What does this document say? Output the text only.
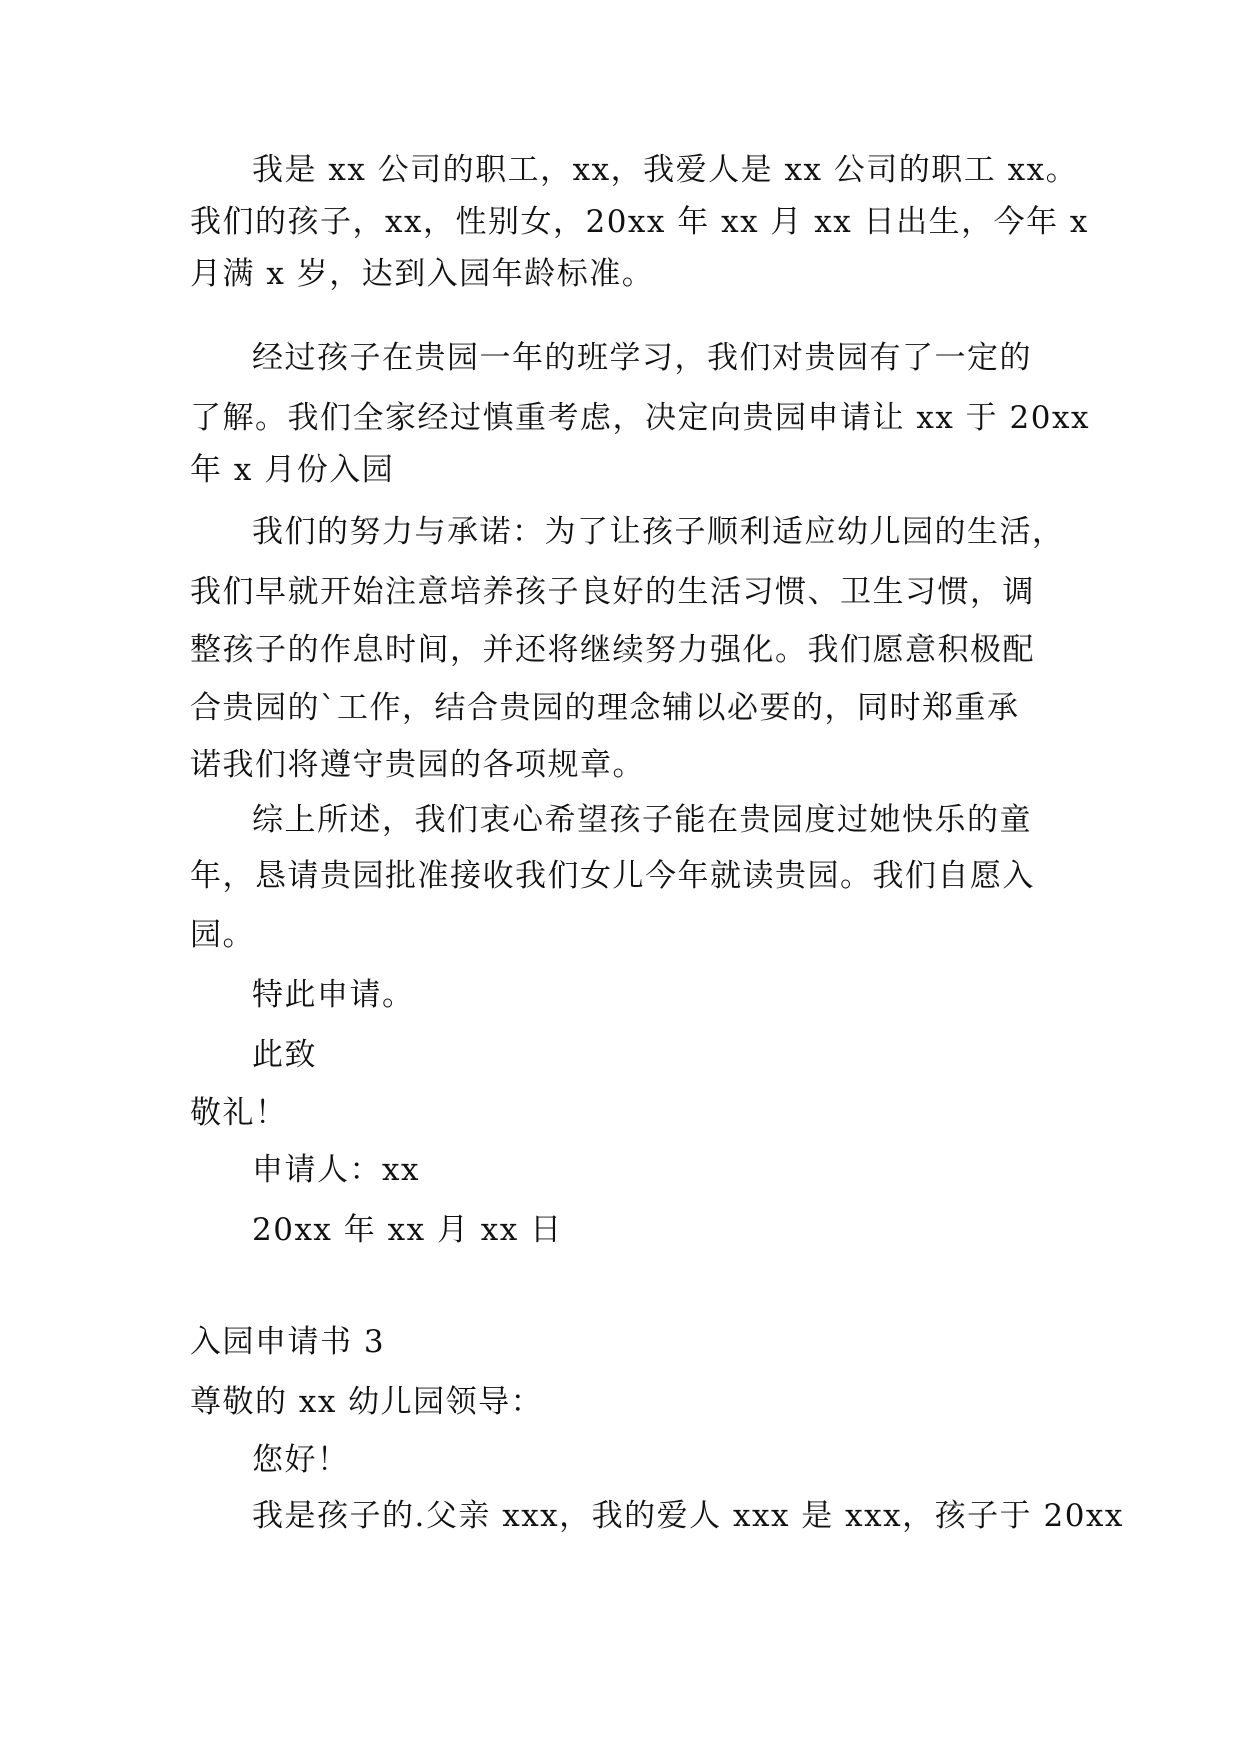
我是 xx 公司的职工，xx，我爱人是 xx 公司的职工 xx。
我们的孩子，xx，性别女，20xx 年 xx 月 xx 日出生，今年 x
月满 x 岁，达到入园年龄标准。
经过孩子在贵园一年的班学习，我们对贵园有了一定的
了解。我们全家经过慎重考虑，决定向贵园申请让 xx 于 20xx
年 x 月份入园
我们的努力与承诺：为了让孩子顺利适应幼儿园的生活，
我们早就开始注意培养孩子良好的生活习惯、卫生习惯，调
整孩子的作息时间，并还将继续努力强化。我们愿意积极配
合贵园的`工作，结合贵园的理念辅以必要的，同时郑重承
诺我们将遵守贵园的各项规章。
综上所述，我们衷心希望孩子能在贵园度过她快乐的童
年，恳请贵园批准接收我们女儿今年就读贵园。我们自愿入
园。
特此申请。
此致
敬礼！
申请人：xx
20xx 年 xx 月 xx 日
入园申请书 3
尊敬的 xx 幼儿园领导：
您好！
我是孩子的.父亲 xxx，我的爱人 xxx 是 xxx，孩子于 20xx
